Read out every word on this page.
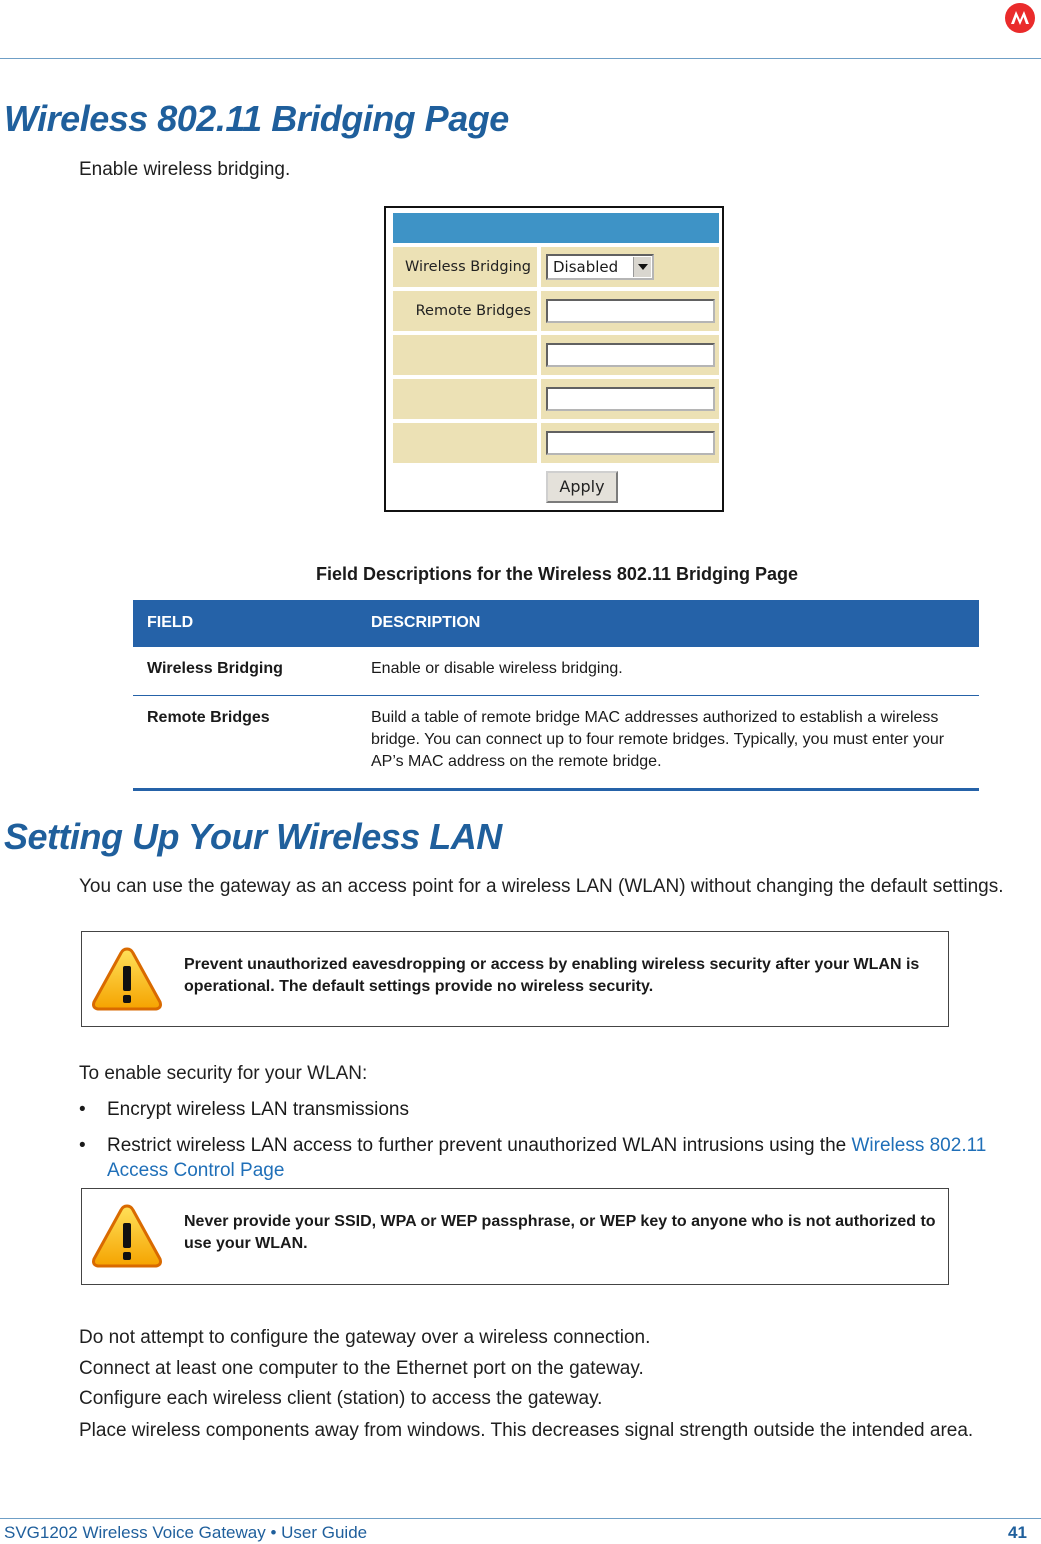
Wireless 802.11 Bridging Page
Enable wireless bridging.
Wireless Bridging	Disabled
Remote Bridges
Apply
Field Descriptions for the Wireless 802.11 Bridging Page
FIELD	DESCRIPTION
Wireless Bridging	Enable or disable wireless bridging.
Remote Bridges	Build a table of remote bridge MAC addresses authorized to establish a wireless bridge. You can connect up to four remote bridges. Typically, you must enter your AP’s MAC address on the remote bridge.
Setting Up Your Wireless LAN
You can use the gateway as an access point for a wireless LAN (WLAN) without changing the default settings.
Prevent unauthorized eavesdropping or access by enabling wireless security after your WLAN is operational. The default settings provide no wireless security.
To enable security for your WLAN:
• Encrypt wireless LAN transmissions
• Restrict wireless LAN access to further prevent unauthorized WLAN intrusions using the Wireless 802.11 Access Control Page
Never provide your SSID, WPA or WEP passphrase, or WEP key to anyone who is not authorized to use your WLAN.
Do not attempt to configure the gateway over a wireless connection.
Connect at least one computer to the Ethernet port on the gateway.
Configure each wireless client (station) to access the gateway.
Place wireless components away from windows. This decreases signal strength outside the intended area.
SVG1202 Wireless Voice Gateway • User Guide	41
